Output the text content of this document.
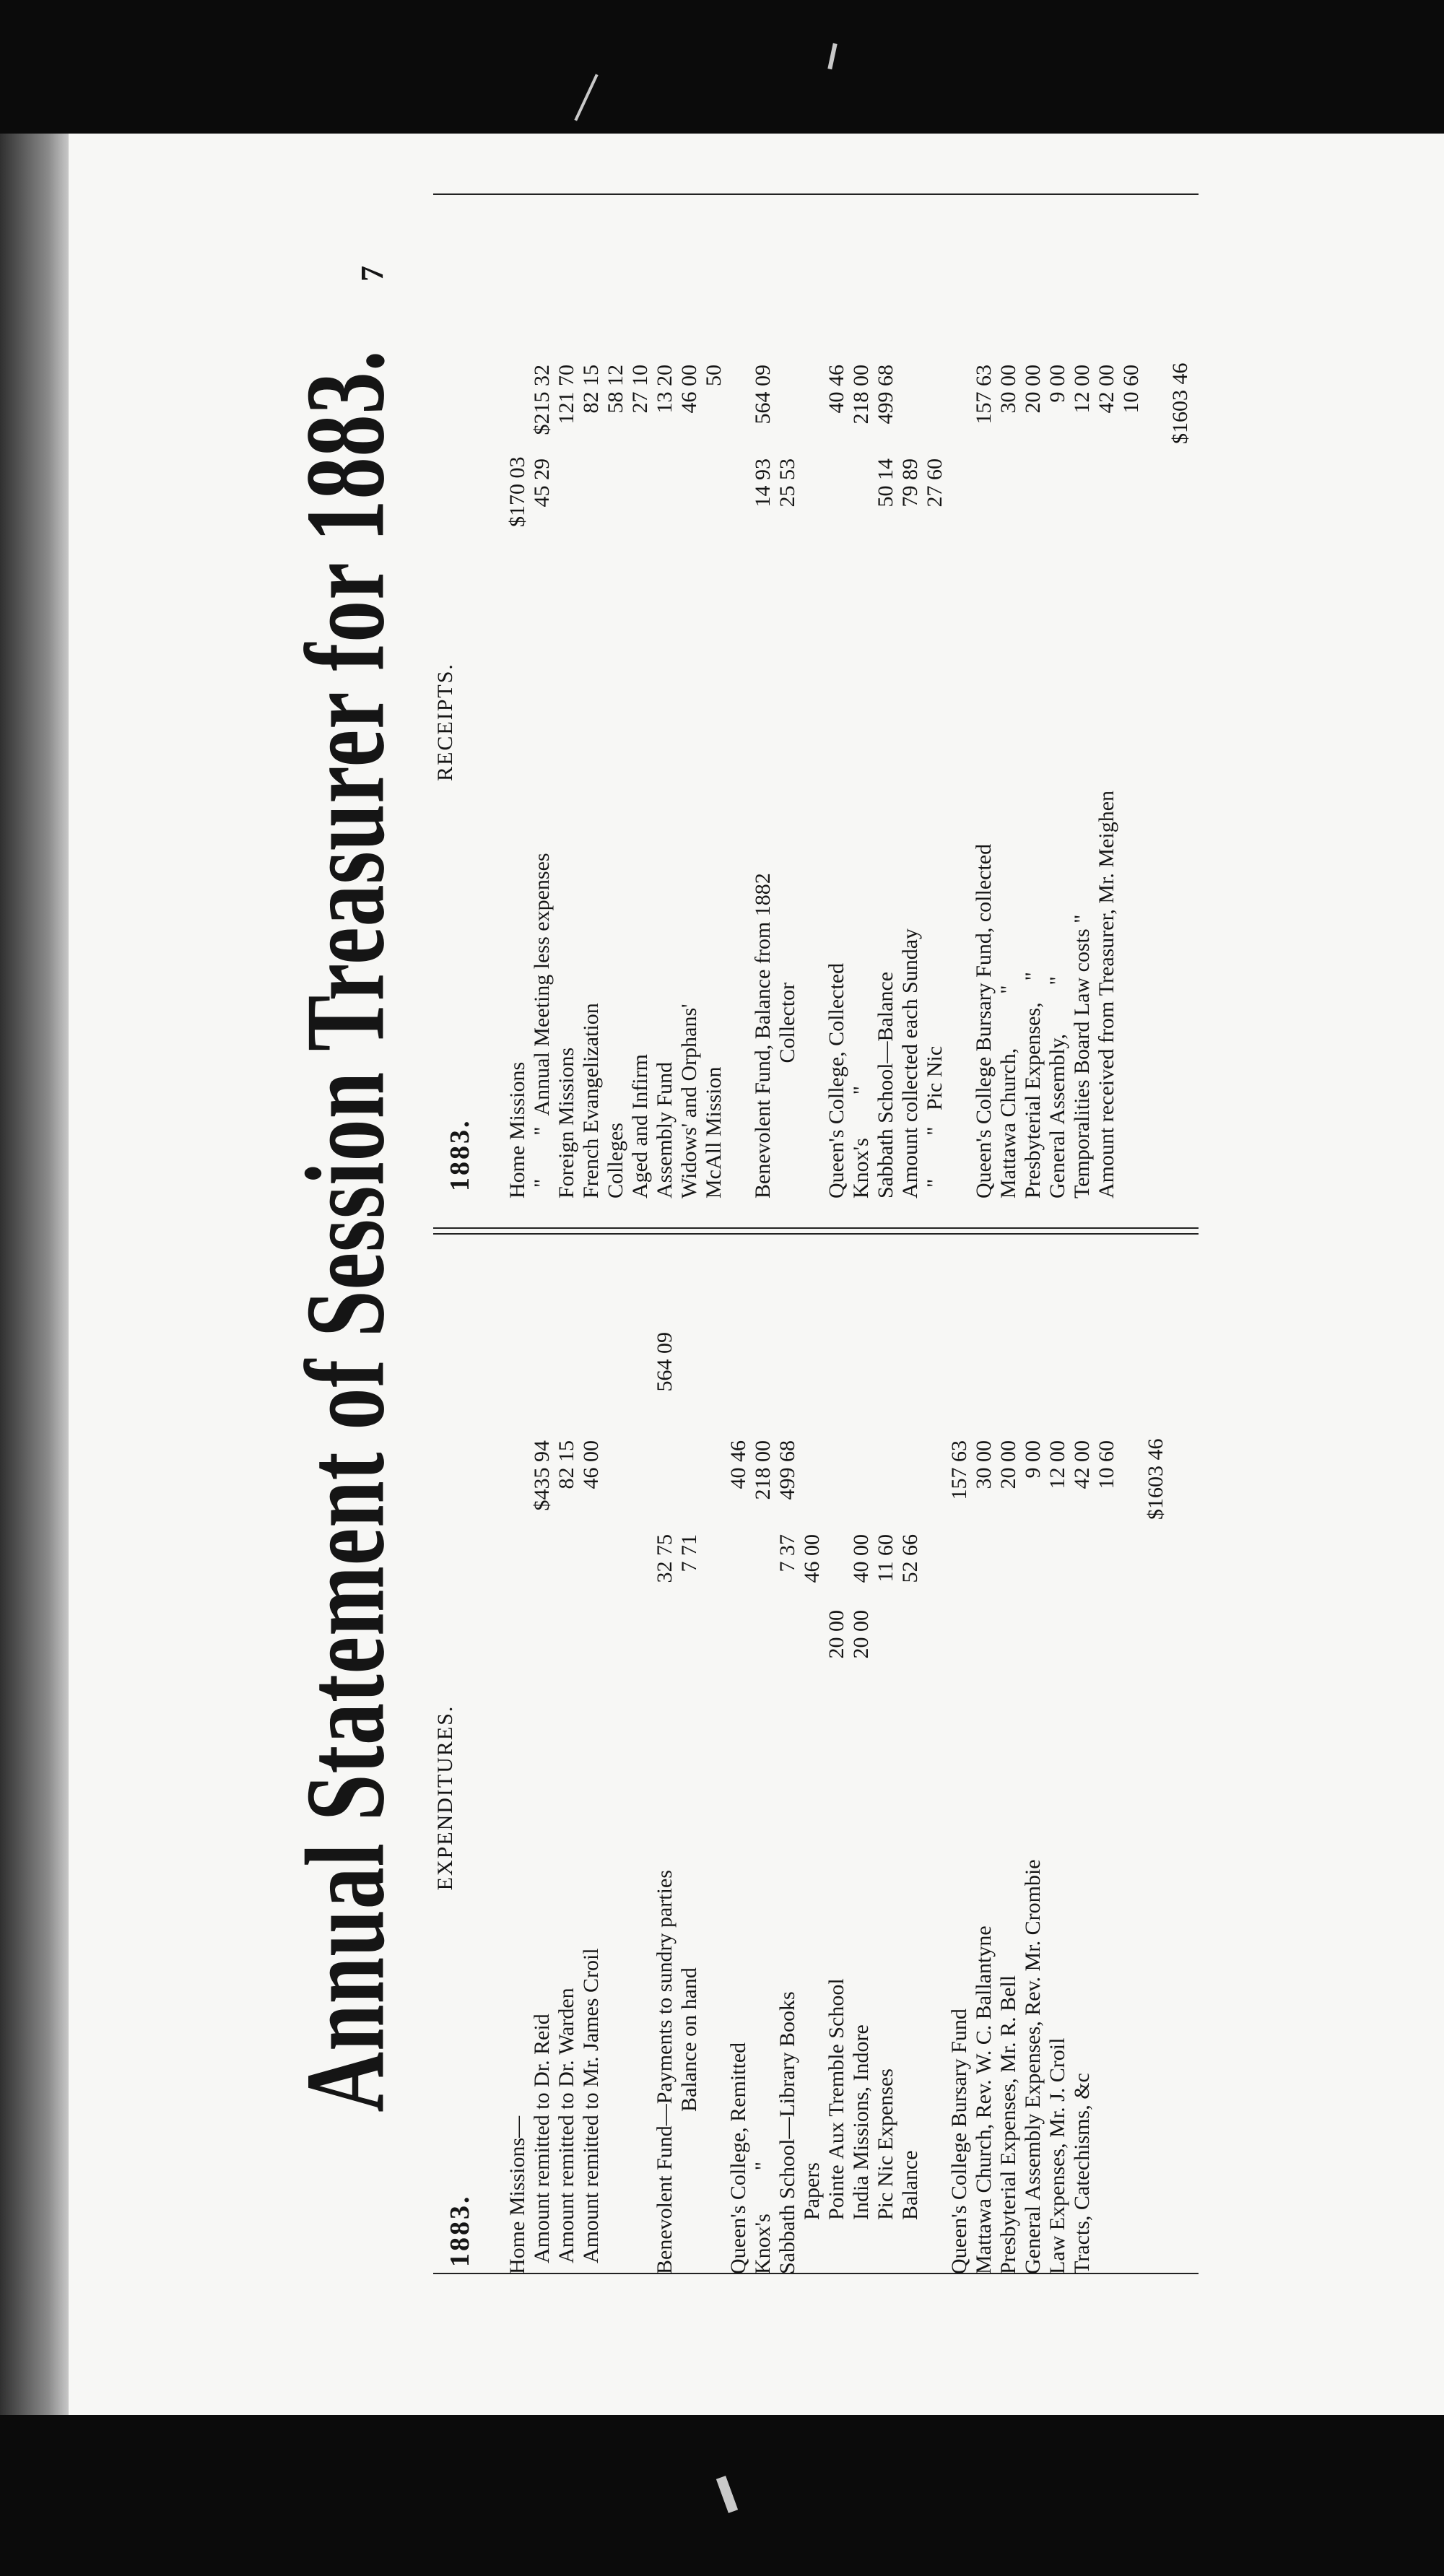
Annual Statement of Session Treasurer for 1883.
7
1883.
EXPENDITURES.
Home Missions— Amount remitted to Dr. Reid
$435 94
Amount remitted to Dr. Warden
82 15
Amount remitted to Mr. James Croil
46 00
Benevolent Fund—Payments to sundry parties
32 75
564 09
Balance on hand
7 71
Queen's College, Remitted
40 46
Knox's        "
218 00
Sabbath School—Library Books
7 37
499 68
Papers
46 00
Pointe Aux Tremble School
20 00
India Missions, Indore
20 00
40 00
Pic Nic Expenses
11 60
Balance
52 66
Queen's College Bursary Fund
157 63
Mattawa Church, Rev. W. C. Ballantyne
30 00
Presbyterial Expenses, Mr. R. Bell
20 00
General Assembly Expenses, Rev. Mr. Crombie
9 00
Law Expenses, Mr. J. Croil
12 00
Tracts, Catechisms, &c
42 00 10 60 $1603 46
1883.
RECEIPTS.
Home Missions
$170 03
"        "  Annual Meeting less expenses
45 29
$215 32
Foreign Missions
121 70
French Evangelization
82 15
Colleges
58 12
Aged and Infirm
27 10
Assembly Fund
13 20
Widows' and Orphans'
46 00
McAll Mission
50
Benevolent Fund, Balance from 1882
14 93
564 09
Collector
25 53
Queen's College, Collected
40 46
Knox's        "
218 00
Sabbath School—Balance
50 14
499 68
Amount collected each Sunday
79 89
"        "   Pic Nic
27 60
Queen's College Bursary Fund, collected
157 63
Mattawa Church,          "
30 00
Presbyterial Expenses,    "
20 00
General Assembly,         "
9 00
Temporalities Board Law costs "
12 00
Amount received from Treasurer, Mr. Meighen
42 00 10 60 $1603 46
